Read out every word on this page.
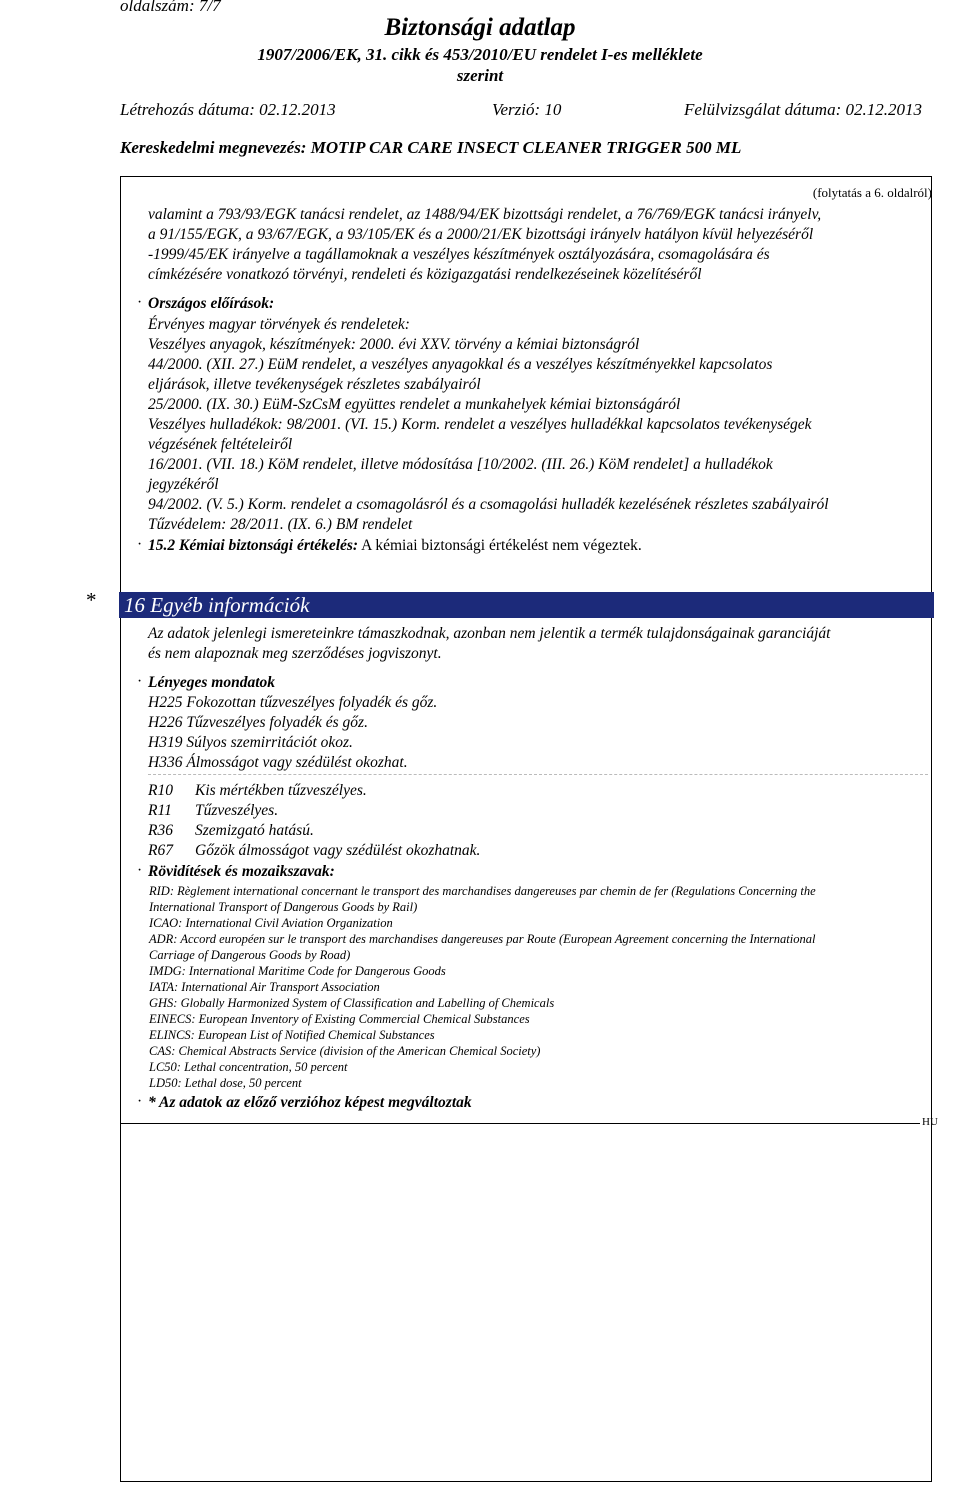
oldalszám: 7/7
Biztonsági adatlap
1907/2006/EK, 31. cikk és 453/2010/EU rendelet I-es melléklete
szerint
Létrehozás dátuma: 02.12.2013	Verzió: 10	Felülvizsgálat dátuma: 02.12.2013
Kereskedelmi megnevezés: MOTIP CAR CARE INSECT CLEANER TRIGGER 500 ML
(folytatás a 6. oldalról)
valamint a 793/93/EGK tanácsi rendelet, az 1488/94/EK bizottsági rendelet, a 76/769/EGK tanácsi irányelv,
a 91/155/EGK, a 93/67/EGK, a 93/105/EK és a 2000/21/EK bizottsági irányelv hatályon kívül helyezéséről
-1999/45/EK irányelve a tagállamoknak a veszélyes készítmények osztályozására, csomagolására és
címkézésére vonatkozó törvényi, rendeleti és közigazgatási rendelkezéseinek közelítéséről
· Országos előírások:
Érvényes magyar törvények és rendeletek:
Veszélyes anyagok, készítmények: 2000. évi XXV. törvény a kémiai biztonságról
44/2000. (XII. 27.) EüM rendelet, a veszélyes anyagokkal és a veszélyes készítményekkel kapcsolatos
eljárások, illetve tevékenységek részletes szabályairól
25/2000. (IX. 30.) EüM-SzCsM együttes rendelet a munkahelyek kémiai biztonságáról
Veszélyes hulladékok: 98/2001. (VI. 15.) Korm. rendelet a veszélyes hulladékkal kapcsolatos tevékenységek
végzésének feltételeiről
16/2001. (VII. 18.) KöM rendelet, illetve módosítása [10/2002. (III. 26.) KöM rendelet] a hulladékok
jegyzékéről
94/2002. (V. 5.) Korm. rendelet a csomagolásról és a csomagolási hulladék kezelésének részletes szabályairól
Tűzvédelem: 28/2011. (IX. 6.) BM rendelet
· 15.2 Kémiai biztonsági értékelés: A kémiai biztonsági értékelést nem végeztek.
* 16 Egyéb információk
Az adatok jelenlegi ismereteinkre támaszkodnak, azonban nem jelentik a termék tulajdonságainak garanciáját
és nem alapoznak meg szerződéses jogviszonyt.
· Lényeges mondatok
H225 Fokozottan tűzveszélyes folyadék és gőz.
H226 Tűzveszélyes folyadék és gőz.
H319 Súlyos szemirritációt okoz.
H336 Álmosságot vagy szédülést okozhat.
R10 Kis mértékben tűzveszélyes.
R11 Tűzveszélyes.
R36 Szemizgató hatású.
R67 Gőzök álmosságot vagy szédülést okozhatnak.
· Rövidítések és mozaikszavak:
RID: Règlement international concernant le transport des marchandises dangereuses par chemin de fer (Regulations Concerning the
International Transport of Dangerous Goods by Rail)
ICAO: International Civil Aviation Organization
ADR: Accord européen sur le transport des marchandises dangereuses par Route (European Agreement concerning the International
Carriage of Dangerous Goods by Road)
IMDG: International Maritime Code for Dangerous Goods
IATA: International Air Transport Association
GHS: Globally Harmonized System of Classification and Labelling of Chemicals
EINECS: European Inventory of Existing Commercial Chemical Substances
ELINCS: European List of Notified Chemical Substances
CAS: Chemical Abstracts Service (division of the American Chemical Society)
LC50: Lethal concentration, 50 percent
LD50: Lethal dose, 50 percent
· * Az adatok az előző verzióhoz képest megváltoztak
HU
